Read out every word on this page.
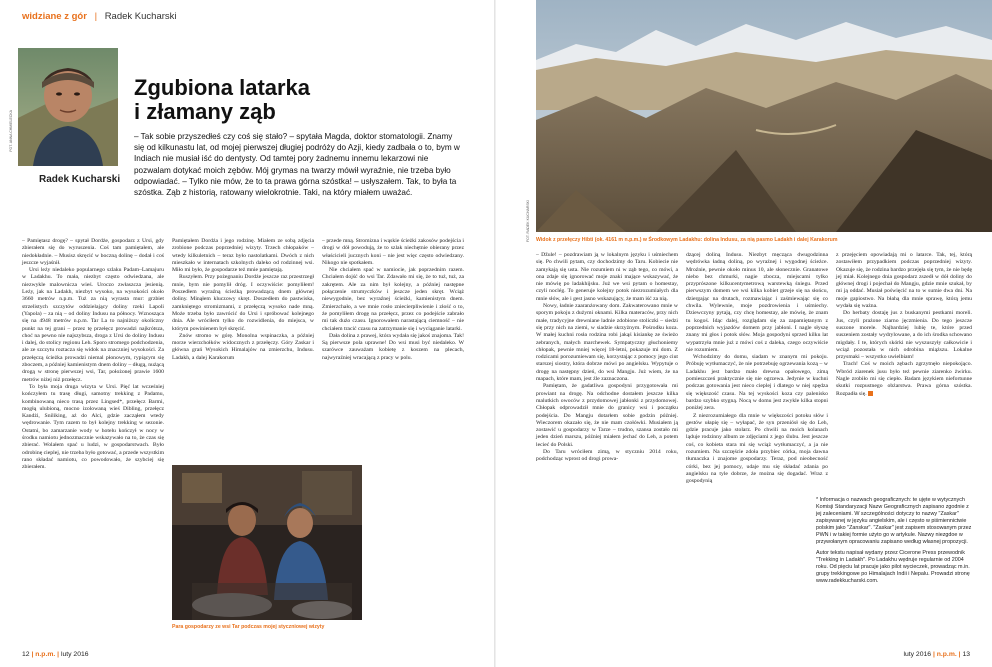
widziane z gór | Radek Kucharski
FOT. ANNA CHMIELECKA
Radek Kucharski
Zgubiona latarka
i złamany ząb

– Tak sobie przyszedłeś czy coś się stało? – spytała Magda, doktor stomatologii. Znamy się od kilkunastu lat, od mojej pierwszej długiej podróży do Azji, kiedy zadbała o to, bym w Indiach nie musiał iść do dentysty. Od tamtej pory żadnemu innemu lekarzowi nie pozwalam dotykać moich zębów. Mój grymas na twarzy mówił wyraźnie, nie trzeba było odpowiadać. – Tylko nie mów, że to ta prawa górna szóstka! – usłyszałem. Tak, to była ta szóstka. Ząb z historią, ratowany wielokrotnie. Taki, na który miałem uważać.

– Pamiętasz drogę? – spytał Dordże, gospodarz z Ursi, gdy zbierałem się do wyruszenia. Coś tam pamiętałem, ale niedokładnie. – Musisz skręcić w boczną dolinę – dodał i coś jeszcze wyjaśnił.

Ursi leży niedaleko popularnego szlaku Padam–Lamajuru w Ladakhu. To mała, niezbyt często odwiedzana, ale niezwykle malownicza wieś. Uroczo zwłaszcza jesienią. Leży, jak na Ladakh, niezbyt wysoko, na wysokości około 3660 metrów n.p.m. Tuż za nią wyrasta mur: grzbiet strzelistych szczytów oddzielający doliny rzeki Lapoli (Yapola) – za nią – od doliny Indusu na północy. Wznosząca się na 4948 metrów n.p.m. Tar La to najniższy okoliczny punkt na tej grani – przez tę przełęcz prowadzi najkrótsza, choć na pewno nie najszybsza, droga z Ursi do doliny Indusu i dalej, do stolicy regionu Leh. Sporo stromego podchodzenia, ale ze szczytu roztacza się widok na znaczniej wysokości. Za przełęczą ścieżka prowadzi niemal płonowym, rypiącym się zboczem, a później kamienistym dnem doliny – długą, nużącą drogą w stronę pierwszej wsi, Tar, położonej prawie 1600 metrów niżej niż przełęcz.

To była moja druga wizyta w Ursi. Pięć lat wcześniej kończyłem tu trasę długi, samotny trekking z Padamu, kombinowaną nieco trasą przez Lingsed*, przełęcz Barmi, mogłą ulubioną, mocno izolowaną wieś Dibling, przełęcz Kandżi, Sniliking, aż do Alci, gdzie zacząłem wtedy wędrowanie. Tym razem to był kolejny trekking w sezonie. Ostatni, bo zamarzanie wody w hotelu kończył w nocy w środku namiotu jednozmacznie wskazywało na to, że czas się zbierać. Wolałem spać u ludzi, w gospodarstwach. Było odrobinę cieplej, nie trzeba było gotować, a przede wszystkim rano składać namiotu, co powodowało, że szybciej się zbierałem.

Pamiętałem Dordża i jego rodzinę. Miałem ze sobą zdjęcia zrobione podczas poprzedniej wizyty. Trzech chłopaków – wtedy kilkuletnich – teraz było nastolatkami. Dwóch z nich mieszkało w internatach szkolnych daleko od rodzinnej wsi. Miło mi było, że gospodarze też mnie pamiętają.

Ruszyłem. Przy pożegnaniu Dordże jeszcze raz przestrzegł mnie, bym nie pomylił dróg. I oczywiście: pomyliłem! Poszedłem wyraźną ścieżką prowadzącą dnem głównej doliny. Minąłem kluczowy skręt. Doszedłem do pastwiska, zamkniętego stromizmami, z przełęczą wysoko nade mną. Może trzeba było zawrócić do Ursi i spróbować kolejnego dnia. Ale wróciłem tylko do rozwidlenia, do miejsca, w którym powinienem był skręcić.

Znów stromo w górę. Monolna wspinaczka, a później morze wierzchołków widocznych z przełęczy. Góry Zaskar i główna grań Wysokich Himalajów na zmierzchu, Indusu. Ladakh, a dalej Karakorum

– przede mną. Stromizna i wąskie ścieżki zakosów podejścia i drogi w dół powodują, że to szlak niechętnie obierany przez właścicieli jucznych koni – nie jest więc często odwiedzany. Nikogo nie spotkałem.

Nie chciałem spać w namiocie, jak poprzednim razem. Chciałem dojść do wsi Tar. Zdawało mi się, że to tuż, tuż, za zakrętem. Ale za nim był kolejny, a później następne połączenie strumyczków i jeszcze jeden skręt. Wciąż niewygodnie, bez wyraźnej ścieżki, kamienistym dnem. Zmierzchało, a we mnie rosło zniecierpliwienie i złość o to, że pomyliłem drogę na przełęcz, przez co podejście zabrało mi tak dużo czasu. Ignorowałem narastającą ciemność – nie chciałem tracić czasu na zatrzymanie się i wyciąganie latarki.

Dała dolina z prawej, która wydała się jakoś znajoma. Tak! Są pierwsze pola uprawne! Do wsi musi być niedaleko. W szarówce zauważam kobietę z koszem na plecach, najwyraźniej wracającą z pracy w polu.

Para gospodarzy ze wsi Tar podczas mojej styczniowej wizyty
12 | n.p.m. | luty 2016
FOT. RADEK KUCHARSKI Widok z przełęczy Hibti (ok. 4161 m n.p.m.) w Środkowym Ladakhu: dolina Indusu, za nią pasmo Ladakh i dalej Karakorum

– Džule! – pozdrawiam ją w lokalnym języku i uśmiechem się. Po chwili pytam, czy dochodzimy do Taru. Kobiecie nie zamykają się usta. Nie rozumiem ni w ząb tego, co mówi, a ona zdaje się ignorować moje znaki mające wskazywać, że nie mówię po ladakhijsku. Już we wsi pytam o homestay, czyli noclég. To generuje kolejny potok niezrozumiałych dla mnie słów, ale i gest jasno wskazujący, że mam iść za nią.

Nowy, ładnie zaaranżowany dom. Zakwaterowano mnie w sporym pokoju z dużymi oknami. Kilka materaców, przy nich małe, tradycyjne drewniane ladnie zdobione stoliczki – siedzi się przy nich na ziemi, w siadzie skrzyżnym. Pośrodku koza. W małej kuchni rosła rodzina robi jakąś kisiankę ze świeżo zebranych, małych marchewek. Sympatyczny głuchoniemy chłopak, pewnie mniej więcej 18-letni, pokazuje mi dom. Z rodzicami porozumiewam się, korzystając z pomocy jego ciut starszej siostry, która dobrze mówi po angielsku. Wypytuje o drogę na następny dzień, do wsi Mangju. Już wiem, że na mapach, które mam, jest źle zaznaczona.

Pamiętam, że gadatliwa gospodyni przygotowała mi prowiant na drogę. Na odchodne dostałem jeszcze kilka malutkich owoców z przydomowej jabłonki z przydomowej. Chłopak odprowadził mnie do granicy wsi i początku podejścia. Do Mangju dotarłem sobie godzin później. Wieczorem okazało się, że nie mam czołówki. Musiałem ją zostawić u gospodarzy w Tarze – trudno, szansa zostało mi jeden dzień marszu, później miałem jechać do Leh, a potem lecieć do Polski.

Do Taru wróciłem zimą, w styczniu 2014 roku, podchodząc wprost od drogi prowa-

dzącej doliną Indusu. Niezbyt męcząca dwugodzinna wędrówka ładną doliną, po wyraźnej i wygodnej ścieżce. Mroźnie, pewnie około minus 10, ale słonecznie. Granatowe niebo bez chmurki, nagie zbocza, miejscami tylko przyprószone kilkucentymetrową warstewką śniegu. Przed pierwszym domem we wsi kilka kobiet grzeje się na słońcu, dziergając na drutach, rozmawiając i zaśmiewając się co chwila. Wylewnie, moje pozdrowienia i uśmiechy. Dziewczyny pytają, czy chcę homestay, ale mówię, że znam tu kogoś. Idąc dalej, rozglądam się za zapamiętanym z poprzednich wyjazdów domem przy jabłoni. I nagle słyszę znany mi głos i potok słów. Moja gospodyni sprzed kilku lat wypatrzyła mnie już z mówi coś z daleka, czego oczywiście nie rozumiem.

Wchodzimy do domu, siadam w znanym mi pokoju. Próbuję wytłumaczyć, że nie potrzebuję ogrzewania kozą – w Ladakhu jest bardzo mało drewna opałowego, zimą pomieszczeń praktycznie się nie ogrzewa. Jedynie w kuchni podczas gotowania jest nieco cieplej i dlatego w niej spędza się większość czasu. Na tej wyskości koza czy palenisko bardzo szybko stygną. Nocą w domu jest zwykle kilka stopni poniżej zera.

Z niezrozumiałego dla mnie w większości potoku słów i gestów ułapię się – wyłapać, że syn przeniósł się do Leh, gdzie pracuje jako stolarz. Po chwili na moich kolanach ląduje rodzinny album ze zdjęciami z jego ślubu. Jest jeszcze coś, co kobieta stara mi się wciąż wytłumaczyć, a ja nie rozumiem. Na szczęście zdoła przybiec córka, moja dawna tłumaczka i znajome gospodarzy. Teraz, pod nieobecność córki, bez jej pomocy, udaje mu się składać zdania po angielsku na tyle dobrze, że można się dogadać. Wraz z gospodynią

z przejęciem opowiadają mi o latarce. Tak, tej, którą zostawiłem przypadkiem podczas poprzedniej wizyty. Okazuje się, że rodzina bardzo przejęła się tym, że nie będę jej miał. Kolejnego dnia gospodarz zszedł w dół doliny do głównej drogi i pojechał do Mangju, gdzie mnie szukał, by mi ją oddać. Musiał poświęcić na to w sumie dwa dni. Na moje gapiostwo. Na błahą dla mnie sprawę, którą jemu wydała się ważna.

Do herbaty dostaję jus z buskanymi pestkami moreli. Jus, czyli prażone ziarno jęczmienia. Do tego jeszcze suszone morele. Najbardziej lubię te, które przed suszeniem zostały wydrylowane, a do ich środka schowano migdały. I te, których skórki nie wyszuszyły całkowicie i wciąż pozostała w nich odrobina miąższu. Lokalne przysmaki – wszystko uwielbiam!

Trach! Coś w moich zębach zgrzytnęło niepokojąco. Wbród ziarenek jusu było też pewnie ziarenko żwirku. Nagle zrobiło mi się ciepło. Badam językiem niefortunne skutki rozpustnego obżarstwa. Prawa górna szóstka. Rozpadła się.

* Informacja o nazwach geograficznych: te ujęte w wytycznych Komisji Standaryzacji Nazw Geograficznych zapisano zgodnie z jej zaleceniami. W szczególności dotyczy to nazwy "Zaskar" zapisywanej w języku angielskim, ale i często w piśmiennictwie polskim jako "Zanskar". "Zaskar" jest zapisem stosowanym przez PWN i w takiej formie użyto go w artykule. Nazwy niezgdoe w przywołanym opracowaniu zapisano według własnej propozycji.

Autor tekstu napisał wydany przez Cicerone Press przewodnik "Trekking in Ladakh". Po Ladakhu wędruje regularnie od 2004 roku. Od pięciu lat pracuje jako pilot wycieczek, prowadząc m.in. grupy trekkingowe po Himalajach Indii i Nepalu. Prowadzi stronę www.radekkucharski.com.

luty 2016 | n.p.m. | 13
